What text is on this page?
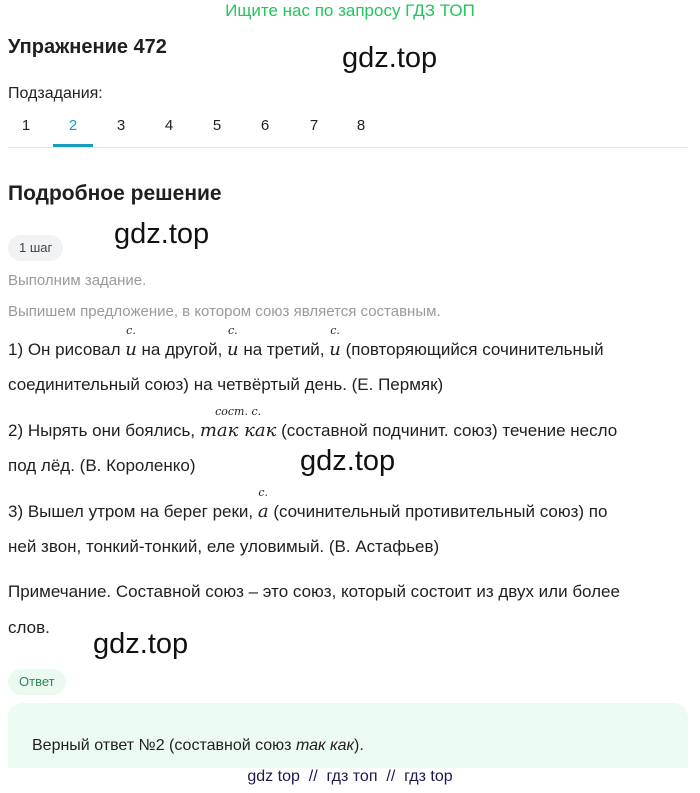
Ищите нас по запросу ГДЗ ТОП
Упражнение 472	gdz.top
Подзадания:
1	2	3	4	5	6	7	8
Подробное решение
1 шаг	gdz.top
Выполним задание.
Выпишем предложение, в котором союз является составным.
1) Он рисовал
с.
и на другой,
с.
и на третий,
с.
и (повторяющийся сочинительный
соединительный союз) на четвёртый день. (Е. Пермяк)
2) Нырять они боялись,
сост. с.
так как (составной подчинит. союз) течение несло
под лёд. (В. Короленко)	gdz.top
3) Вышел утром на берег реки,
с.
а (сочинительный противительный союз) по
ней звон, тонкий-тонкий, еле уловимый. (В. Астафьев)
Примечание. Составной союз – это союз, который состоит из двух или более
слов.
gdz.top
Ответ
Верный ответ №2 (составной союз так как).
gdz top  //  гдз топ  //  гдз top
